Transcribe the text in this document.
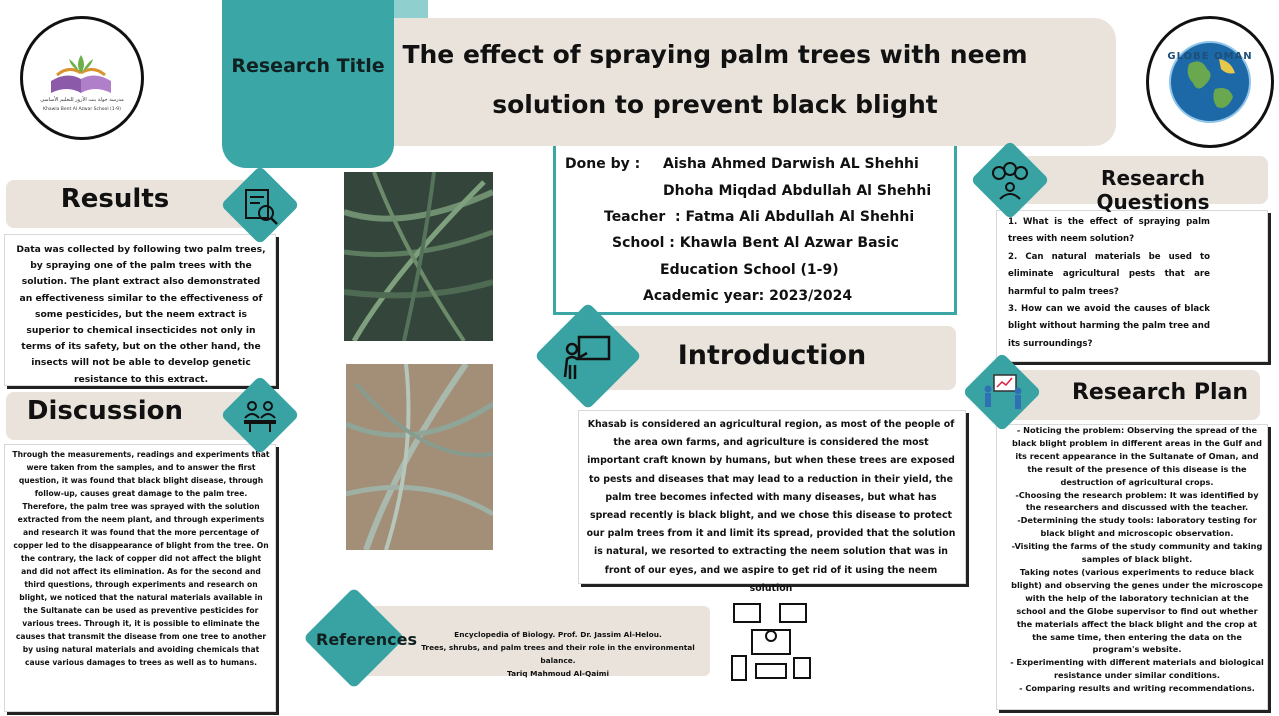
Research Title The effect of spraying palm trees with neem
solution to prevent black blight
مدرسة خولة بنت الأزور للتعليم الأساسي
Khawla Bent Al Azwar School (1-9)
GLOBE OMAN
Results
Data was collected by following two palm trees, by spraying one of the palm trees with the solution. The plant extract also demonstrated an effectiveness similar to the effectiveness of some pesticides, but the neem extract is superior to chemical insecticides not only in terms of its safety, but on the other hand, the insects will not be able to develop genetic resistance to this extract.
Discussion
Through the measurements, readings and experiments that were taken from the samples, and to answer the first question, it was found that black blight disease, through follow-up, causes great damage to the palm tree. Therefore, the palm tree was sprayed with the solution extracted from the neem plant, and through experiments and research it was found that the more percentage of copper led to the disappearance of blight from the tree. On the contrary, the lack of copper did not affect the blight and did not affect its elimination. As for the second and third questions, through experiments and research on blight, we noticed that the natural materials available in the Sultanate can be used as preventive pesticides for various trees. Through it, it is possible to eliminate the causes that transmit the disease from one tree to another by using natural materials and avoiding chemicals that cause various damages to trees as well as to humans.
Done by : Aisha Ahmed Darwish AL Shehhi
Dhoha Miqdad Abdullah Al Shehhi
Teacher  : Fatma Ali Abdullah Al Shehhi
School : Khawla Bent Al Azwar Basic
Education School (1-9)
Academic year: 2023/2024
Introduction
Khasab is considered an agricultural region, as most of the people of the area own farms, and agriculture is considered the most important craft known by humans, but when these trees are exposed to pests and diseases that may lead to a reduction in their yield, the palm tree becomes infected with many diseases, but what has spread recently is black blight, and we chose this disease to protect our palm trees from it and limit its spread, provided that the solution is natural, we resorted to extracting the neem solution that was in front of our eyes, and we aspire to get rid of it using the neem solution
References	Encyclopedia of Biology. Prof. Dr. Jassim Al-Helou.
Trees, shrubs, and palm trees and their role in the environmental balance.
Tariq Mahmoud Al-Qaimi
Research Questions
1. What is the effect of spraying palm trees with neem solution?
2. Can natural materials be used to eliminate agricultural pests that are harmful to palm trees?
3. How can we avoid the causes of black blight without harming the palm tree and its surroundings?
Research Plan
- Noticing the problem: Observing the spread of the black blight problem in different areas in the Gulf and its recent appearance in the Sultanate of Oman, and the result of the presence of this disease is the destruction of agricultural crops.
-Choosing the research problem: It was identified by the researchers and discussed with the teacher.
-Determining the study tools: laboratory testing for black blight and microscopic observation.
-Visiting the farms of the study community and taking samples of black blight.
Taking notes (various experiments to reduce black blight) and observing the genes under the microscope with the help of the laboratory technician at the school and the Globe supervisor to find out whether the materials affect the black blight and the crop at the same time, then entering the data on the program's website.
- Experimenting with different materials and biological resistance under similar conditions.
- Comparing results and writing recommendations.
